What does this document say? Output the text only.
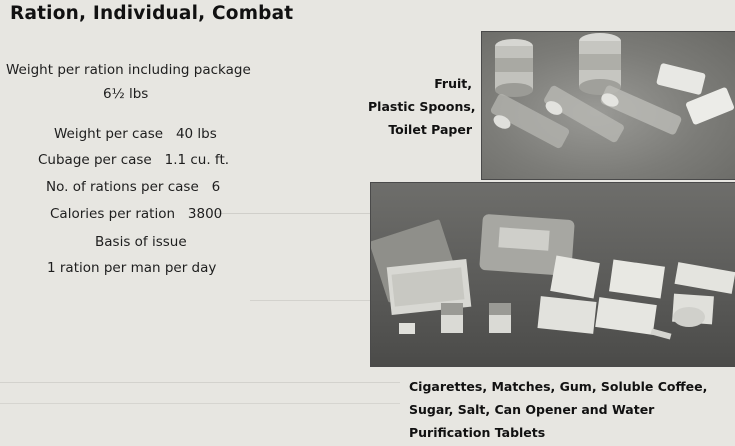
Ration, Individual, Combat
Weight per ration including package
6½ lbs
Weight per case   40 lbs
Cubage per case   1.1 cu. ft.
No. of rations per case   6
Calories per ration   3800
Basis of issue
1 ration per man per day
Fruit,
Plastic Spoons,
Toilet Paper
Cigarettes, Matches, Gum, Soluble Coffee,
Sugar, Salt, Can Opener and Water
Purification Tablets
